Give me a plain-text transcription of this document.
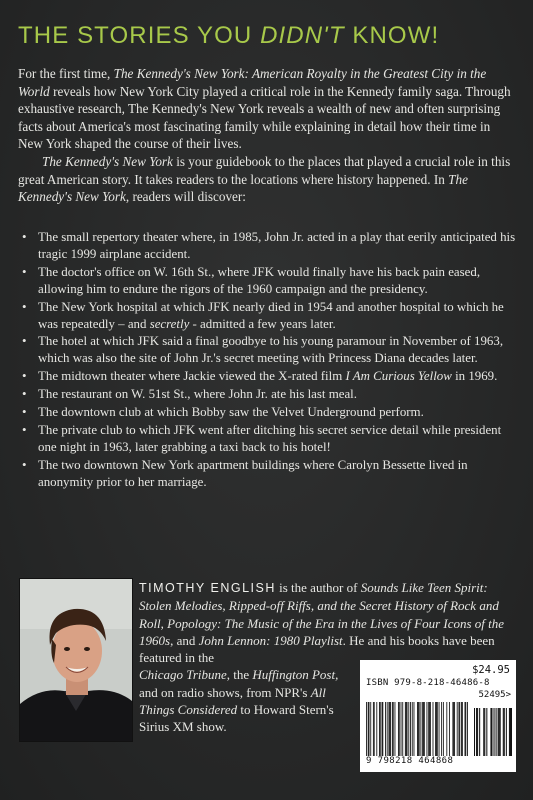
THE STORIES YOU DIDN'T KNOW!

For the first time, The Kennedy's New York: American Royalty in the Greatest City in the World reveals how New York City played a critical role in the Kennedy family saga. Through exhaustive research, The Kennedy's New York reveals a wealth of new and often surprising facts about America's most fascinating family while explaining in detail how their time in New York shaped the course of their lives.

The Kennedy's New York is your guidebook to the places that played a crucial role in this great American story. It takes readers to the locations where history happened. In The Kennedy's New York, readers will discover:

• The small repertory theater where, in 1985, John Jr. acted in a play that eerily anticipated his tragic 1999 airplane accident.
• The doctor's office on W. 16th St., where JFK would finally have his back pain eased, allowing him to endure the rigors of the 1960 campaign and the presidency.
• The New York hospital at which JFK nearly died in 1954 and another hospital to which he was repeatedly – and secretly - admitted a few years later.
• The hotel at which JFK said a final goodbye to his young paramour in November of 1963, which was also the site of John Jr.'s secret meeting with Princess Diana decades later.
• The midtown theater where Jackie viewed the X-rated film I Am Curious Yellow in 1969.
• The restaurant on W. 51st St., where John Jr. ate his last meal.
• The downtown club at which Bobby saw the Velvet Underground perform.
• The private club to which JFK went after ditching his secret service detail while president one night in 1963, later grabbing a taxi back to his hotel!
• The two downtown New York apartment buildings where Carolyn Bessette lived in anonymity prior to her marriage.
TIMOTHY ENGLISH is the author of Sounds Like Teen Spirit: Stolen Melodies, Ripped-off Riffs, and the Secret History of Rock and Roll, Popology: The Music of the Era in the Lives of Four Icons of the 1960s, and John Lennon: 1980 Playlist. He and his books have been featured in the
Chicago Tribune, the Huffington Post, and on radio shows, from NPR's All Things Considered to Howard Stern's Sirius XM show.
$24.95
ISBN 979-8-218-46486-8
52495>
9 798218 464868
